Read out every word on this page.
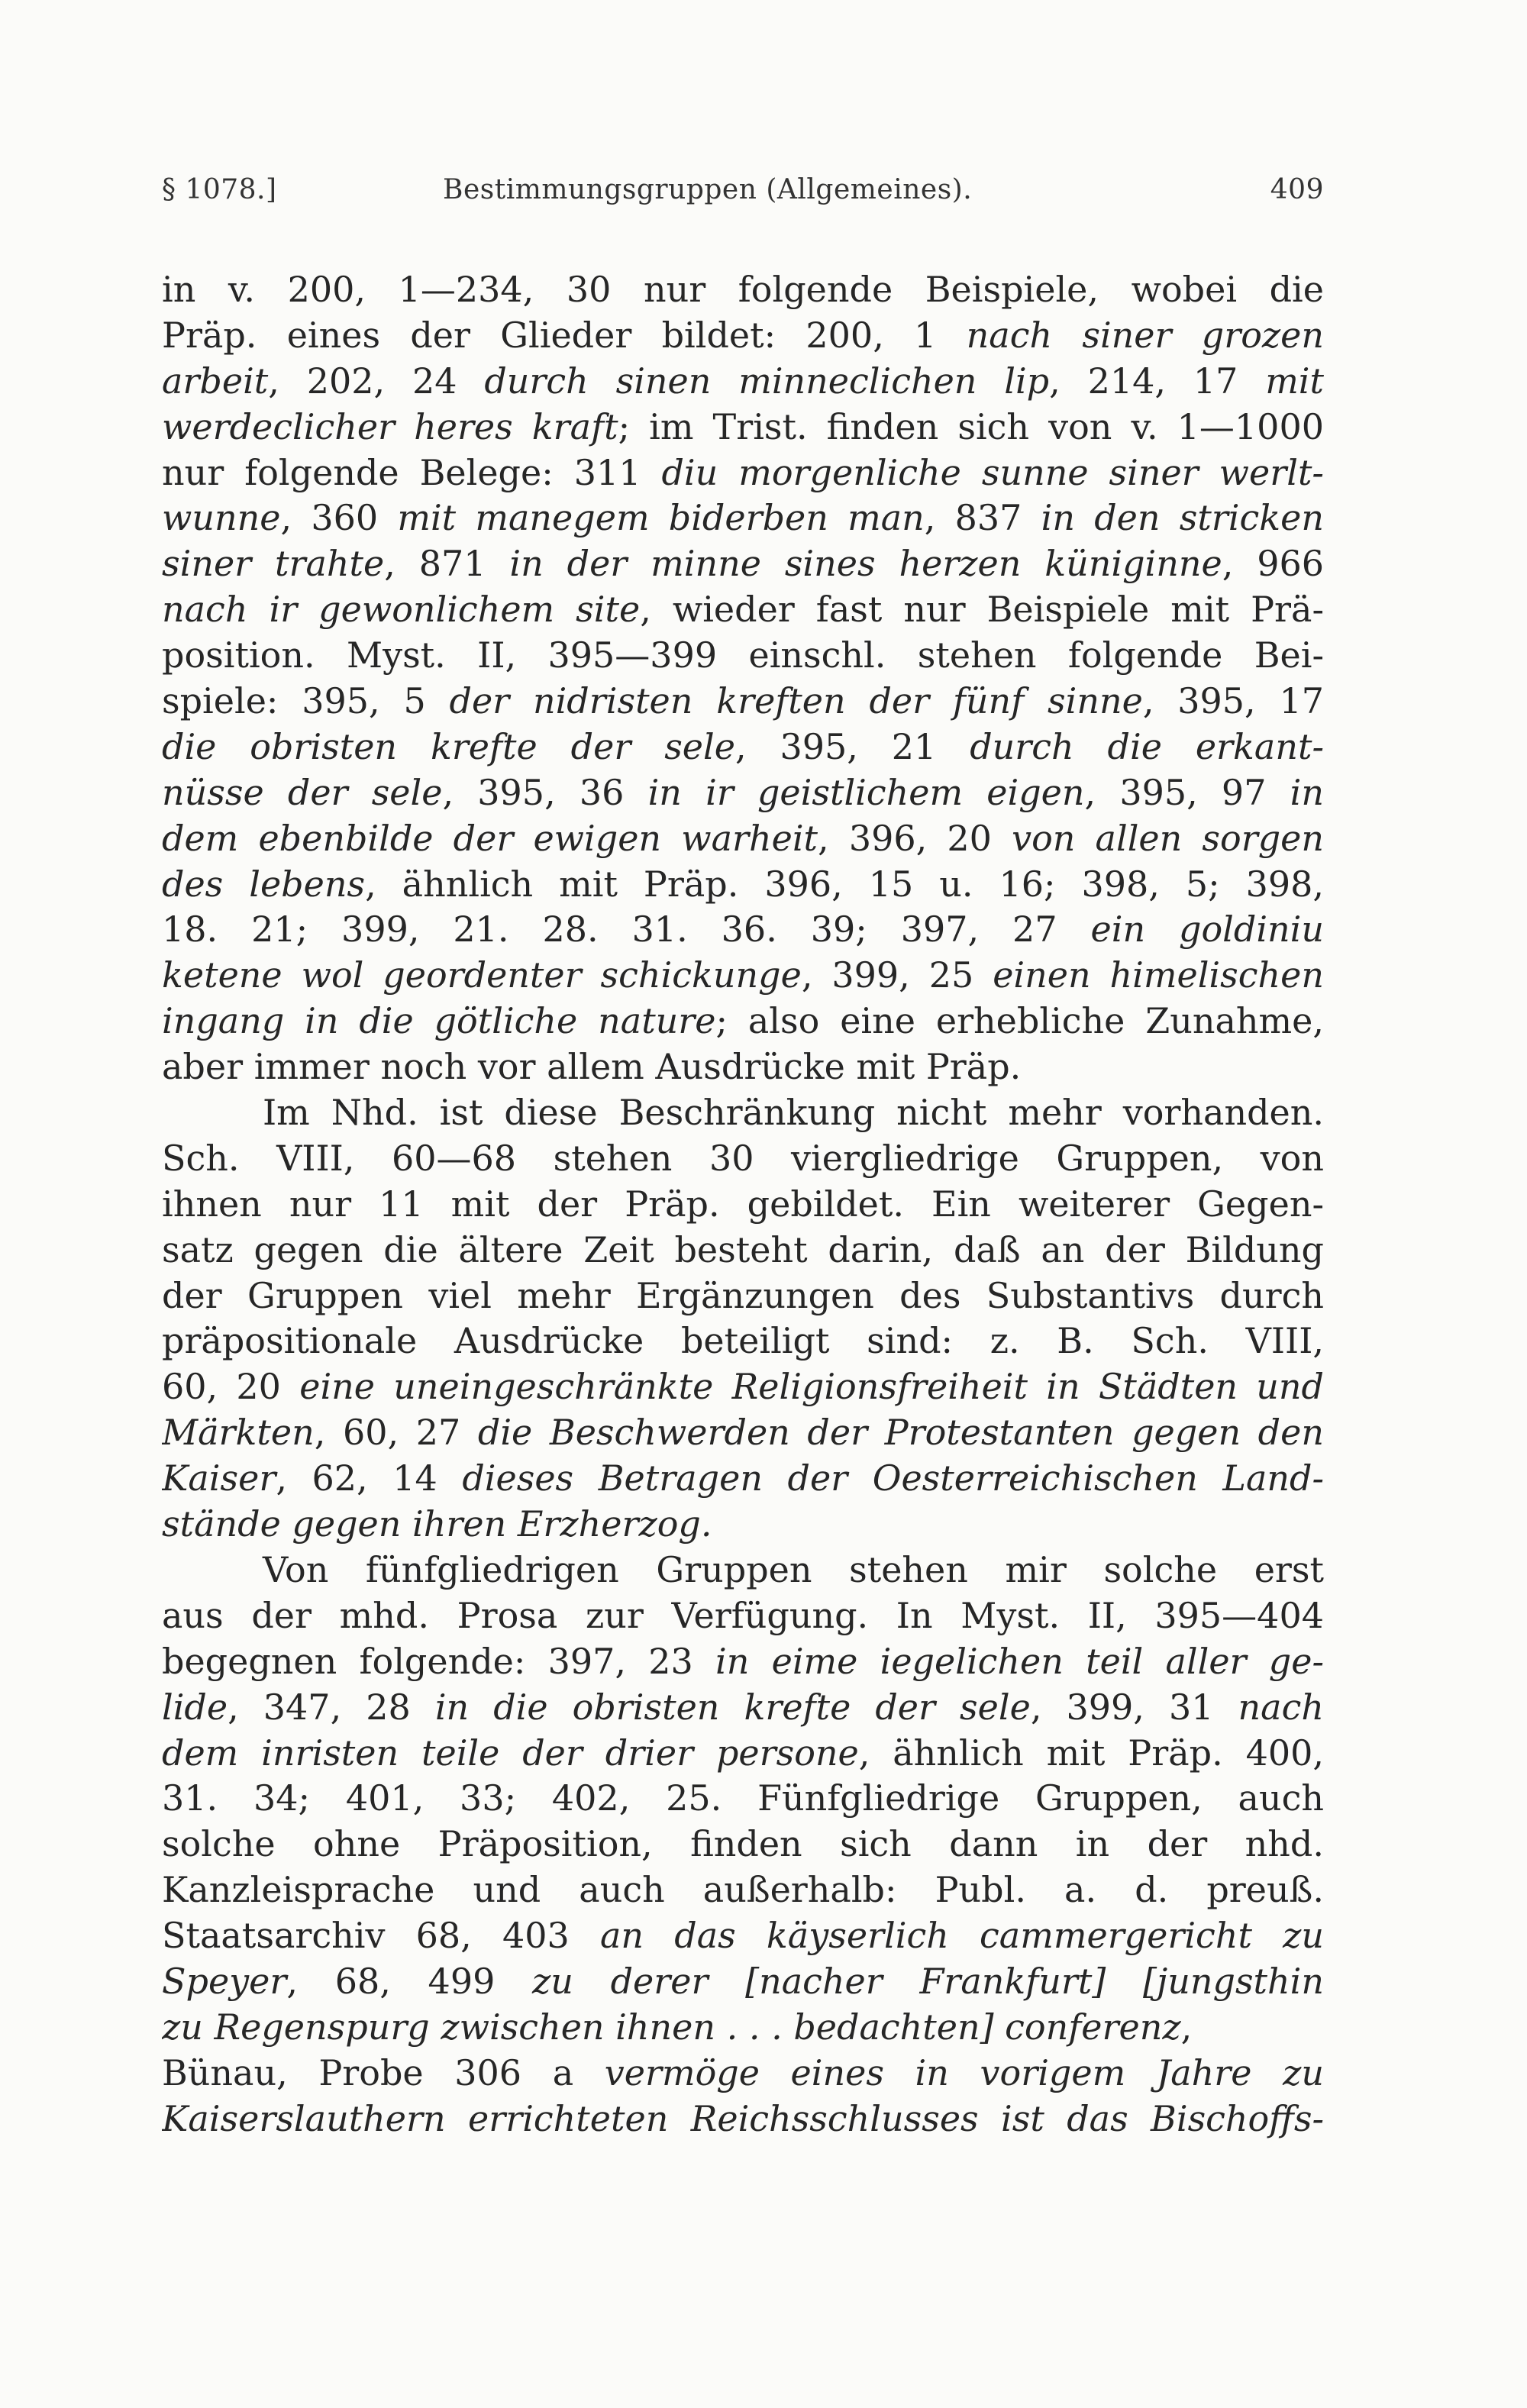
§ 1078.]	Bestimmungsgruppen (Allgemeines).	409
in v. 200, 1—234, 30 nur folgende Beispiele, wobei die
Präp. eines der Glieder bildet: 200, 1 nach siner grozen
arbeit, 202, 24 durch sinen minneclichen lip, 214, 17 mit
werdeclicher heres kraft; im Trist. finden sich von v. 1—1000
nur folgende Belege: 311 diu morgenliche sunne siner werlt-
wunne, 360 mit manegem biderben man, 837 in den stricken
siner trahte, 871 in der minne sines herzen küniginne, 966
nach ir gewonlichem site, wieder fast nur Beispiele mit Prä-
position. Myst. II, 395—399 einschl. stehen folgende Bei-
spiele: 395, 5 der nidristen kreften der fünf sinne, 395, 17
die obristen krefte der sele, 395, 21 durch die erkant-
nüsse der sele, 395, 36 in ir geistlichem eigen, 395, 97 in
dem ebenbilde der ewigen warheit, 396, 20 von allen sorgen
des lebens, ähnlich mit Präp. 396, 15 u. 16; 398, 5; 398,
18. 21; 399, 21. 28. 31. 36. 39; 397, 27 ein goldiniu
ketene wol geordenter schickunge, 399, 25 einen himelischen
ingang in die götliche nature; also eine erhebliche Zunahme,
aber immer noch vor allem Ausdrücke mit Präp.
Im Nhd. ist diese Beschränkung nicht mehr vorhanden.
Sch. VIII, 60—68 stehen 30 viergliedrige Gruppen, von
ihnen nur 11 mit der Präp. gebildet. Ein weiterer Gegen-
satz gegen die ältere Zeit besteht darin, daß an der Bildung
der Gruppen viel mehr Ergänzungen des Substantivs durch
präpositionale Ausdrücke beteiligt sind: z. B. Sch. VIII,
60, 20 eine uneingeschränkte Religionsfreiheit in Städten und
Märkten, 60, 27 die Beschwerden der Protestanten gegen den
Kaiser, 62, 14 dieses Betragen der Oesterreichischen Land-
stände gegen ihren Erzherzog.
Von fünfgliedrigen Gruppen stehen mir solche erst
aus der mhd. Prosa zur Verfügung. In Myst. II, 395—404
begegnen folgende: 397, 23 in eime iegelichen teil aller ge-
lide, 347, 28 in die obristen krefte der sele, 399, 31 nach
dem inristen teile der drier persone, ähnlich mit Präp. 400,
31. 34; 401, 33; 402, 25. Fünfgliedrige Gruppen, auch
solche ohne Präposition, finden sich dann in der nhd.
Kanzleisprache und auch außerhalb: Publ. a. d. preuß.
Staatsarchiv 68, 403 an das käyserlich cammergericht zu
Speyer, 68, 499 zu derer [nacher Frankfurt] [jungsthin
zu Regenspurg zwischen ihnen . . . bedachten] conferenz,
Bünau, Probe 306 a vermöge eines in vorigem Jahre zu
Kaiserslauthern errichteten Reichsschlusses ist das Bischoffs-
